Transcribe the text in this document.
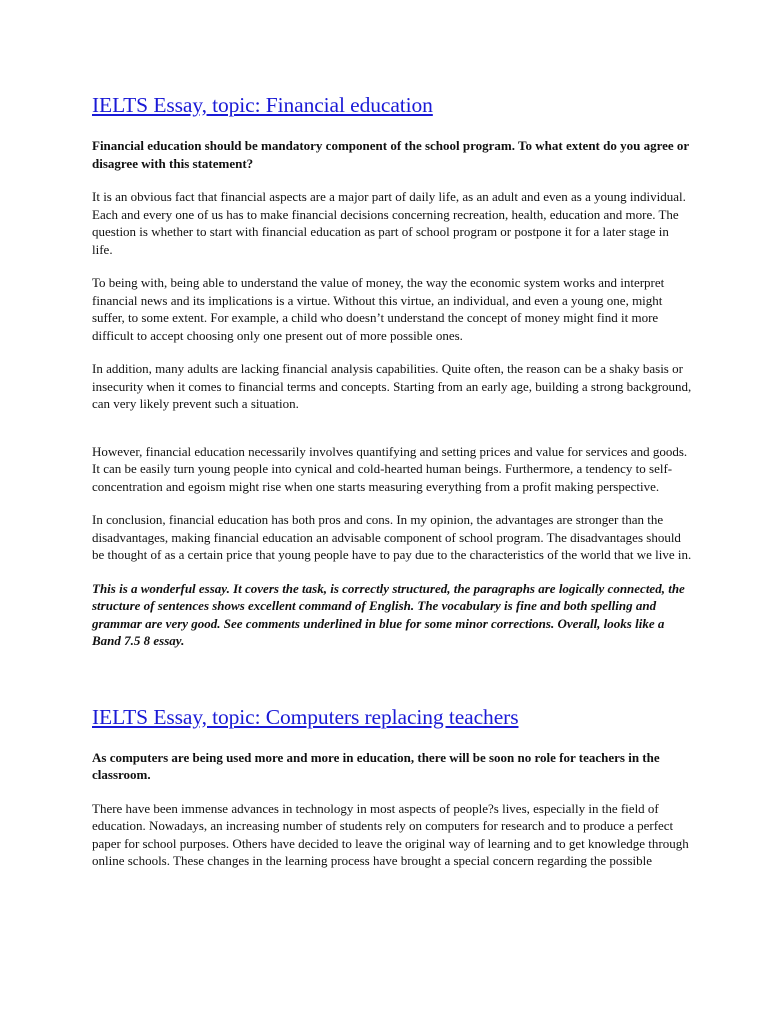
IELTS Essay, topic: Financial education

Financial education should be mandatory component of the school program. To what extent do you agree or disagree with this statement?

It is an obvious fact that financial aspects are a major part of daily life, as an adult and even as a young individual. Each and every one of us has to make financial decisions concerning recreation, health, education and more. The question is whether to start with financial education as part of school program or postpone it for a later stage in life.

To being with, being able to understand the value of money, the way the economic system works and interpret financial news and its implications is a virtue. Without this virtue, an individual, and even a young one, might suffer, to some extent. For example, a child who doesn’t understand the concept of money might find it more difficult to accept choosing only one present out of more possible ones.

In addition, many adults are lacking financial analysis capabilities. Quite often, the reason can be a shaky basis or insecurity when it comes to financial terms and concepts. Starting from an early age, building a strong background, can very likely prevent such a situation.

However, financial education necessarily involves quantifying and setting prices and value for services and goods. It can be easily turn young people into cynical and cold-hearted human beings. Furthermore, a tendency to self-concentration and egoism might rise when one starts measuring everything from a profit making perspective.

In conclusion, financial education has both pros and cons. In my opinion, the advantages are stronger than the disadvantages, making financial education an advisable component of school program. The disadvantages should be thought of as a certain price that young people have to pay due to the characteristics of the world that we live in.

This is a wonderful essay. It covers the task, is correctly structured, the paragraphs are logically connected, the structure of sentences shows excellent command of English. The vocabulary is fine and both spelling and grammar are very good. See comments underlined in blue for some minor corrections. Overall, looks like a Band 7.5 8 essay.

IELTS Essay, topic: Computers replacing teachers

As computers are being used more and more in education, there will be soon no role for teachers in the classroom.

There have been immense advances in technology in most aspects of people?s lives, especially in the field of education. Nowadays, an increasing number of students rely on computers for research and to produce a perfect paper for school purposes. Others have decided to leave the original way of learning and to get knowledge through online schools. These changes in the learning process have brought a special concern regarding the possible
